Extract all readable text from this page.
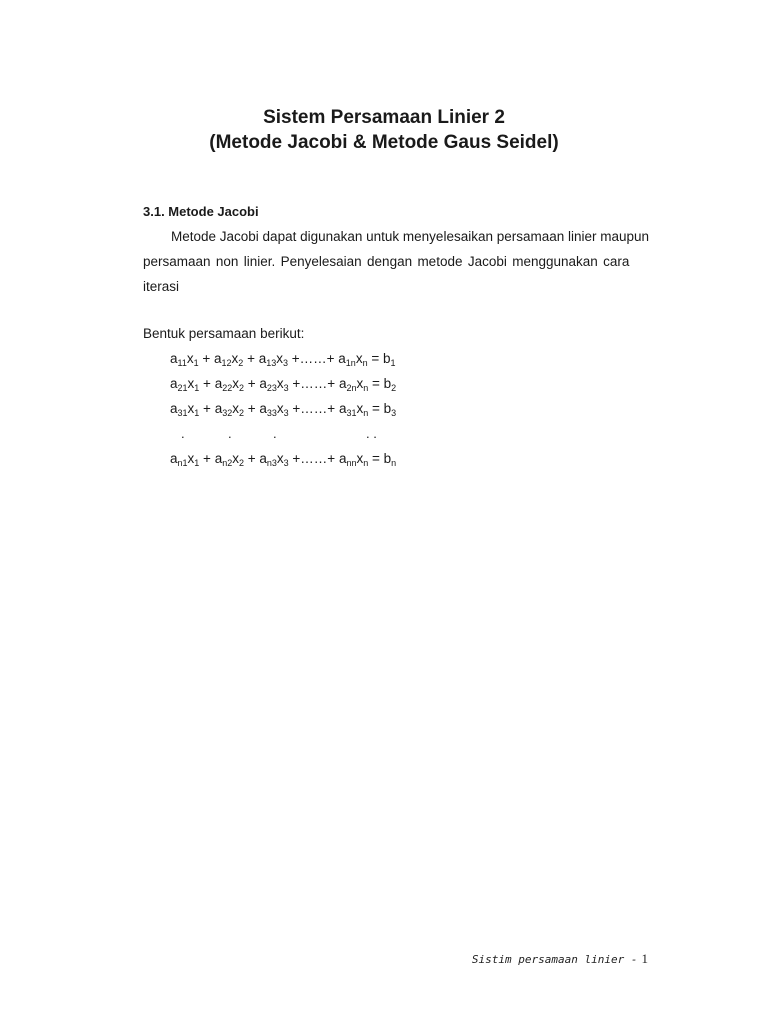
Sistem Persamaan Linier 2
(Metode Jacobi & Metode Gaus Seidel)
3.1. Metode Jacobi

Metode Jacobi dapat digunakan untuk menyelesaikan persamaan linier maupun
persamaan non linier. Penyelesaian dengan metode Jacobi menggunakan cara
iterasi

Bentuk persamaan berikut:

$a_{11}x_1 + a_{12}x_2 + a_{13}x_3$ +……+ $a_{1n}x_n = b_1$
$a_{21}x_1 + a_{22}x_2 + a_{23}x_3$ +……+ $a_{2n}x_n = b_2$
$a_{31}x_1 + a_{32}x_2 + a_{33}x_3$ +……+ $a_{31}x_n = b_3$
.	.	.	. .
$a_{n1}x_1 + a_{n2}x_2 + a_{n3}x_3$ +……+ $a_{nn}x_n = b_n$
Sistim persamaan linier - 1
